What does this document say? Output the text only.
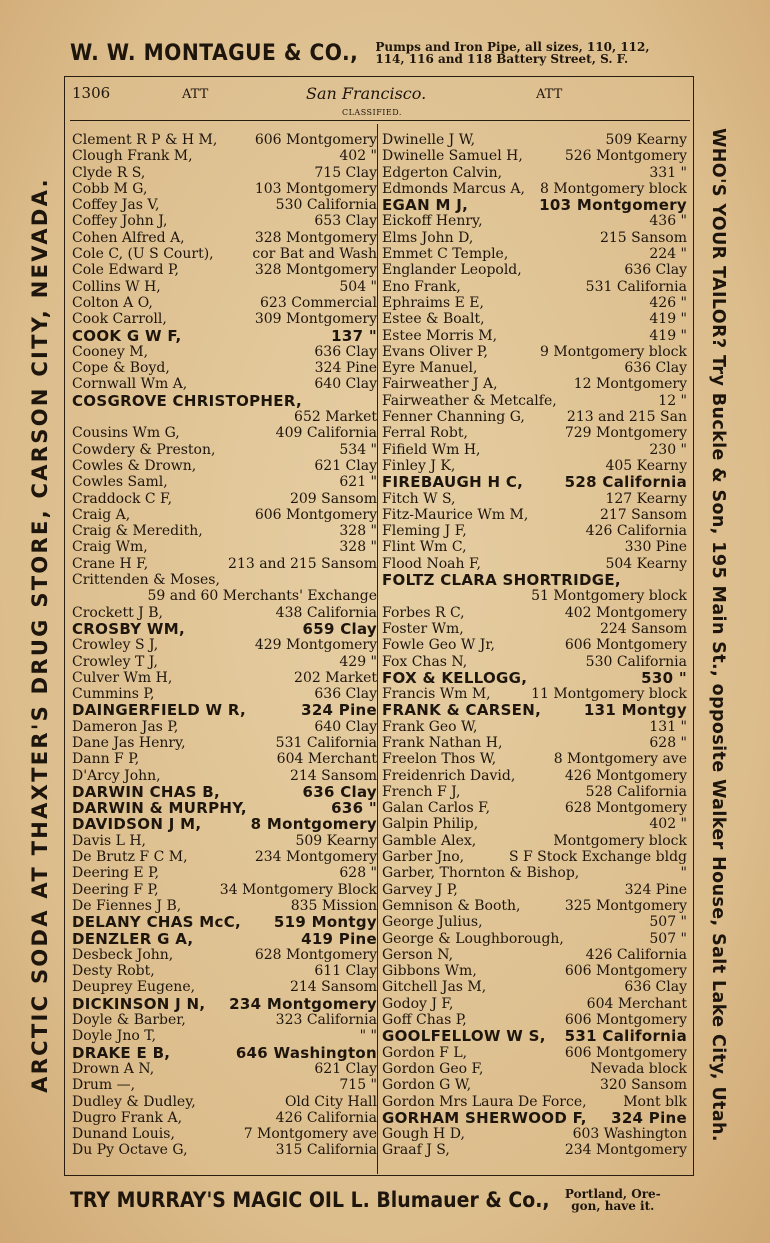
W. W. MONTAGUE & CO., Pumps and Iron Pipe, all sizes, 110, 112,
114, 116 and 118 Battery Street, S. F.
1306	ATT	San Francisco.	ATT
CLASSIFIED.
Clement R P & H M,	606 Montgomery
Clough Frank M,	402 "
Clyde R S,	715 Clay
Cobb M G,	103 Montgomery
Coffey Jas V,	530 California
Coffey John J,	653 Clay
Cohen Alfred A,	328 Montgomery
Cole C, (U S Court),	cor Bat and Wash
Cole Edward P,	328 Montgomery
Collins W H,	504 "
Colton A O,	623 Commercial
Cook Carroll,	309 Montgomery
COOK G W F,	137 "
Cooney M,	636 Clay
Cope & Boyd,	324 Pine
Cornwall Wm A,	640 Clay
COSGROVE CHRISTOPHER,
652 Market
Cousins Wm G,	409 California
Cowdery & Preston,	534 "
Cowles & Drown,	621 Clay
Cowles Saml,	621 "
Craddock C F,	209 Sansom
Craig A,	606 Montgomery
Craig & Meredith,	328 "
Craig Wm,	328 "
Crane H F,	213 and 215 Sansom
Crittenden & Moses,
59 and 60 Merchants' Exchange
Crockett J B,	438 California
CROSBY WM,	659 Clay
Crowley S J,	429 Montgomery
Crowley T J,	429 "
Culver Wm H,	202 Market
Cummins P,	636 Clay
DAINGERFIELD W R,	324 Pine
Dameron Jas P,	640 Clay
Dane Jas Henry,	531 California
Dann F P,	604 Merchant
D'Arcy John,	214 Sansom
DARWIN CHAS B,	636 Clay
DARWIN & MURPHY,	636 "
DAVIDSON J M,	8 Montgomery
Davis L H,	509 Kearny
De Brutz F C M,	234 Montgomery
Deering E P,	628 "
Deering F P,	34 Montgomery Block
De Fiennes J B,	835 Mission
DELANY CHAS McC,	519 Montgy
DENZLER G A,	419 Pine
Desbeck John,	628 Montgomery
Desty Robt,	611 Clay
Deuprey Eugene,	214 Sansom
DICKINSON J N,	234 Montgomery
Doyle & Barber,	323 California
Doyle Jno T,	" "
DRAKE E B,	646 Washington
Drown A N,	621 Clay
Drum —,	715 "
Dudley & Dudley,	Old City Hall
Dugro Frank A,	426 California
Dunand Louis,	7 Montgomery ave
Du Py Octave G,	315 California
Dwinelle J W,	509 Kearny
Dwinelle Samuel H,	526 Montgomery
Edgerton Calvin,	331 "
Edmonds Marcus A,	8 Montgomery block
EGAN M J,	103 Montgomery
Eickoff Henry,	436 "
Elms John D,	215 Sansom
Emmet C Temple,	224 "
Englander Leopold,	636 Clay
Eno Frank,	531 California
Ephraims E E,	426 "
Estee & Boalt,	419 "
Estee Morris M,	419 "
Evans Oliver P,	9 Montgomery block
Eyre Manuel,	636 Clay
Fairweather J A,	12 Montgomery
Fairweather & Metcalfe,	12 "
Fenner Channing G,	213 and 215 San
Ferral Robt,	729 Montgomery
Fifield Wm H,	230 "
Finley J K,	405 Kearny
FIREBAUGH H C,	528 California
Fitch W S,	127 Kearny
Fitz-Maurice Wm M,	217 Sansom
Fleming J F,	426 California
Flint Wm C,	330 Pine
Flood Noah F,	504 Kearny
FOLTZ CLARA SHORTRIDGE,
51 Montgomery block
Forbes R C,	402 Montgomery
Foster Wm,	224 Sansom
Fowle Geo W Jr,	606 Montgomery
Fox Chas N,	530 California
FOX & KELLOGG,	530 "
Francis Wm M,	11 Montgomery block
FRANK & CARSEN,	131 Montgy
Frank Geo W,	131 "
Frank Nathan H,	628 "
Freelon Thos W,	8 Montgomery ave
Freidenrich David,	426 Montgomery
French F J,	528 California
Galan Carlos F,	628 Montgomery
Galpin Philip,	402 "
Gamble Alex,	Montgomery block
Garber Jno,	S F Stock Exchange bldg
Garber, Thornton & Bishop,	"
Garvey J P,	324 Pine
Gemnison & Booth,	325 Montgomery
George Julius,	507 "
George & Loughborough,	507 "
Gerson N,	426 California
Gibbons Wm,	606 Montgomery
Gitchell Jas M,	636 Clay
Godoy J F,	604 Merchant
Goff Chas P,	606 Montgomery
GOOLFELLOW W S,	531 California
Gordon F L,	606 Montgomery
Gordon Geo F,	Nevada block
Gordon G W,	320 Sansom
Gordon Mrs Laura De Force,	Mont blk
GORHAM SHERWOOD F,	324 Pine
Gough H D,	603 Washington
Graaf J S,	234 Montgomery
ARCTIC SODA AT THAXTER'S DRUG STORE, CARSON CITY, NEVADA.	WHO'S YOUR TAILOR? Try Buckle & Son, 195 Main St., opposite Walker House, Salt Lake City, Utah.
TRY MURRAY'S MAGIC OIL L. Blumauer & Co., Portland, Ore-
gon, have it.
